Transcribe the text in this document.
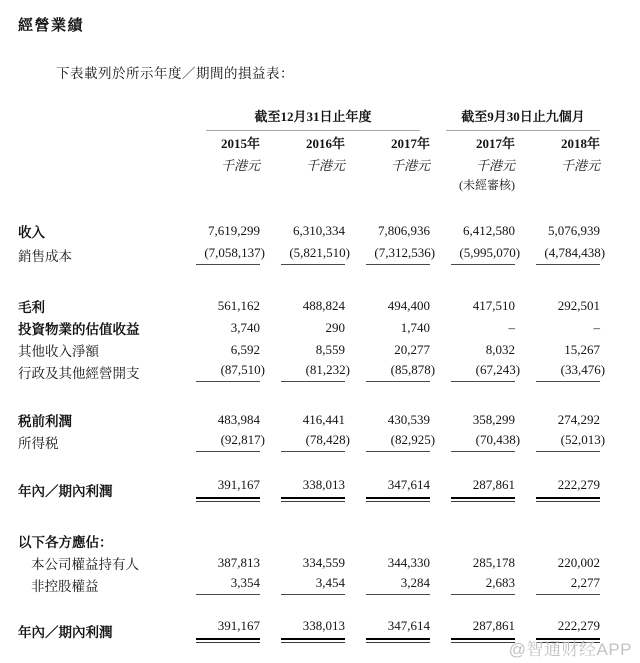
經營業績

下表載列於所示年度／期間的損益表：

	截至12月31日止年度			截至9月30日止九個月	

	2015年	2016年	2017年	2017年	2018年
	千港元	千港元	千港元	千港元	千港元
				(未經審核)	

收入	7,619,299	6,310,334	7,806,936	6,412,580	5,076,939

銷售成本	(7,058,137)	(5,821,510)	(7,312,536)	(5,995,070)	(4,784,438)

毛利	561,162	488,824	494,400	417,510	292,501

投資物業的估值收益	3,740	290	1,740	–	–

其他收入淨額	6,592	8,559	20,277	8,032	15,267

行政及其他經營開支	(87,510)	(81,232)	(85,878)	(67,243)	(33,476)

税前利潤	483,984	416,441	430,539	358,299	274,292

所得税	(92,817)	(78,428)	(82,925)	(70,438)	(52,013)

年內／期內利潤	391,167	338,013	347,614	287,861	222,279

以下各方應佔：	

本公司權益持有人	387,813	334,559	344,330	285,178	220,002

非控股權益	3,354	3,454	3,284	2,683	2,277

年內／期內利潤	391,167	338,013	347,614	287,861	222,279
@智通财经APP
